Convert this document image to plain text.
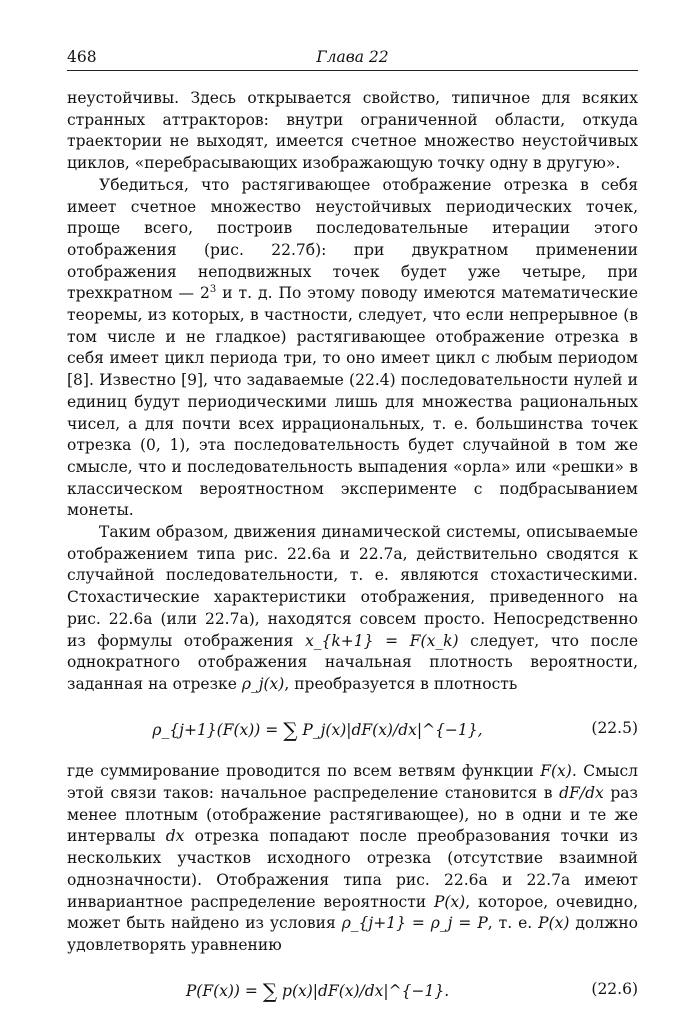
468	Глава 22

неустойчивы. Здесь открывается свойство, типичное для всяких странных аттракторов: внутри ограниченной области, откуда траектории не выходят, имеется счетное множество неустойчивых циклов, «перебрасывающих изображающую точку одну в другую».

Убедиться, что растягивающее отображение отрезка в себя имеет счетное множество неустойчивых периодических точек, проще всего, построив последовательные итерации этого отображения (рис. 22.7б): при двукратном применении отображения неподвижных точек будет уже четыре, при трехкратном — $2^3$ и т. д. По этому поводу имеются математические теоремы, из которых, в частности, следует, что если непрерывное (в том числе и не гладкое) растягивающее отображение отрезка в себя имеет цикл периода три, то оно имеет цикл с любым периодом [8]. Известно [9], что задаваемые (22.4) последовательности нулей и единиц будут периодическими лишь для множества рациональных чисел, а для почти всех иррациональных, т. е. большинства точек отрезка (0, 1), эта последовательность будет случайной в том же смысле, что и последовательность выпадения «орла» или «решки» в классическом вероятностном эксперименте с подбрасыванием монеты.

Таким образом, движения динамической системы, описываемые отображением типа рис. 22.6а и 22.7а, действительно сводятся к случайной последовательности, т. е. являются стохастическими. Стохастические характеристики отображения, приведенного на рис. 22.6а (или 22.7а), находятся совсем просто. Непосредственно из формулы отображения x_{k+1} = F(x_k) следует, что после однократного отображения начальная плотность вероятности, заданная на отрезке ρ_j(x), преобразуется в плотность

ρ_{j+1}(F(x)) = ∑ P_j(x)|dF(x)/dx|^{−1},	(22.5)

где суммирование проводится по всем ветвям функции F(x). Смысл этой связи таков: начальное распределение становится в dF/dx раз менее плотным (отображение растягивающее), но в одни и те же интервалы dx отрезка попадают после преобразования точки из нескольких участков исходного отрезка (отсутствие взаимной однозначности). Отображения типа рис. 22.6а и 22.7а имеют инвариантное распределение вероятности P(x), которое, очевидно, может быть найдено из условия ρ_{j+1} = ρ_j = P, т. е. P(x) должно удовлетворять уравнению

P(F(x)) = ∑ p(x)|dF(x)/dx|^{−1}.	(22.6)
